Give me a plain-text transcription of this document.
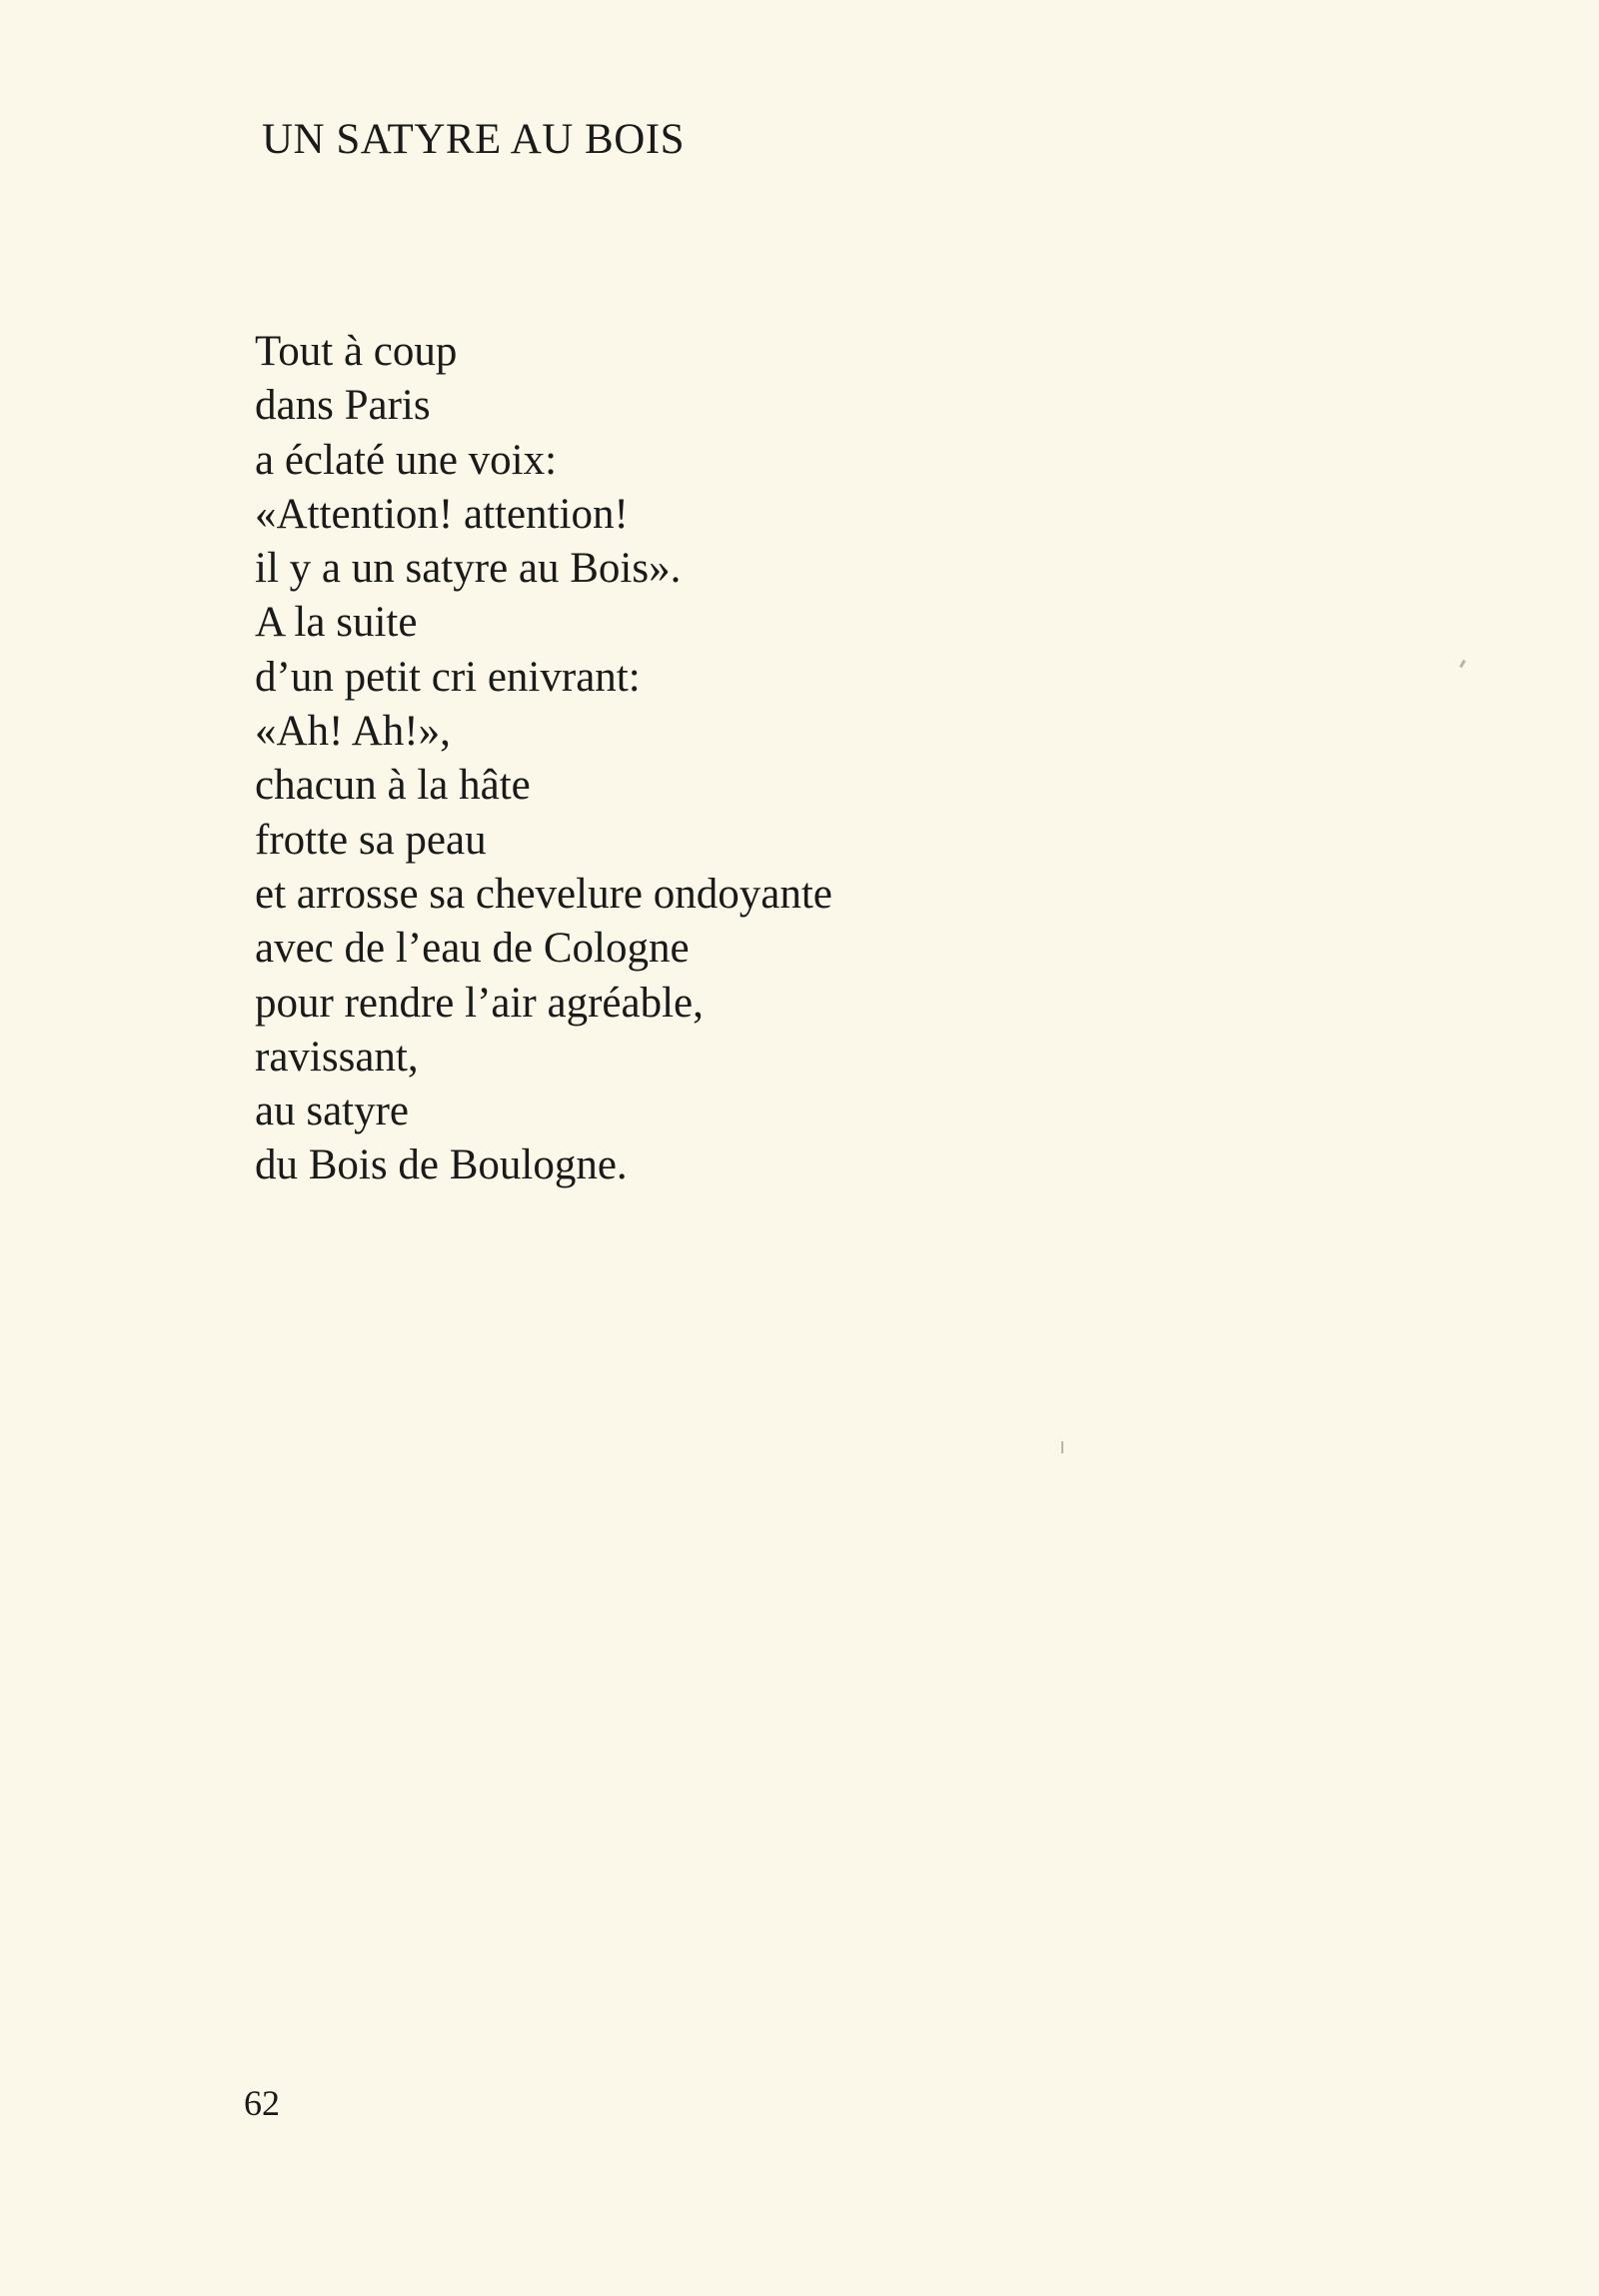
UN SATYRE AU BOIS
Tout à coup
dans Paris
a éclaté une voix:
«Attention! attention!
il y a un satyre au Bois».
A la suite
d’un petit cri enivrant:
«Ah! Ah!»,
chacun à la hâte
frotte sa peau
et arrosse sa chevelure ondoyante
avec de l’eau de Cologne
pour rendre l’air agréable,
ravissant,
au satyre
du Bois de Boulogne.
62
